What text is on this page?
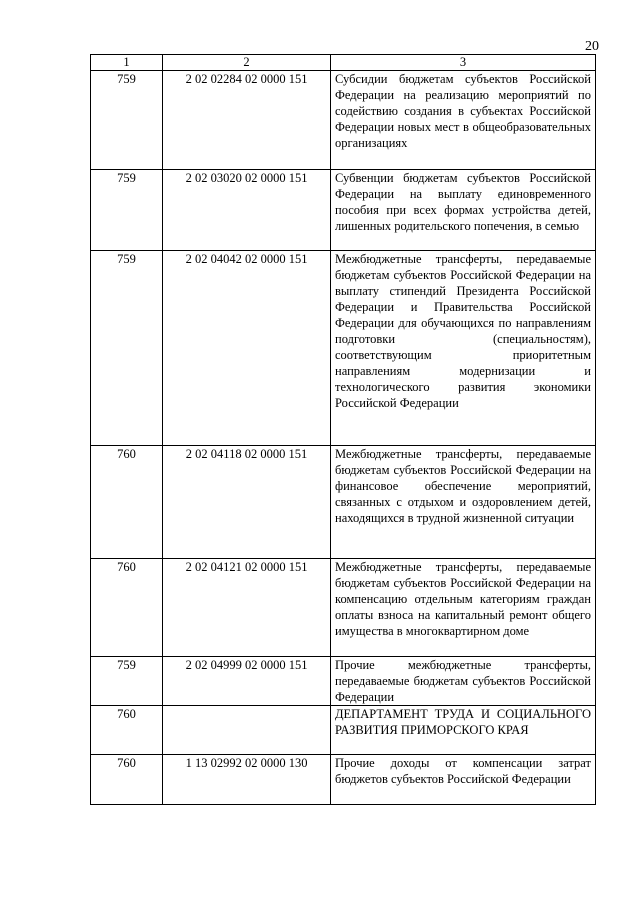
20
1	2	3
759	2 02 02284 02 0000 151	Субсидии бюджетам субъектов Российской Федерации на реализацию мероприятий по содействию создания в субъектах Российской Федерации новых мест в общеобразовательных организациях

759	2 02 03020 02 0000 151	Субвенции бюджетам субъектов Российской Федерации на выплату единовременного пособия при всех формах устройства детей, лишенных родительского попечения, в семью

759	2 02 04042 02 0000 151	Межбюджетные трансферты, передаваемые бюджетам субъектов Российской Федерации на выплату стипендий Президента Российской Федерации и Правительства Российской Федерации для обучающихся по направлениям подготовки (специальностям), соответствующим приоритетным направлениям модернизации и технологического развития экономики Российской Федерации

760	2 02 04118 02 0000 151	Межбюджетные трансферты, передаваемые бюджетам субъектов Российской Федерации на финансовое обеспечение мероприятий, связанных с отдыхом и оздоровлением детей, находящихся в трудной жизненной ситуации

760	2 02 04121 02 0000 151	Межбюджетные трансферты, передаваемые бюджетам субъектов Российской Федерации на компенсацию отдельным категориям граждан оплаты взноса на капитальный ремонт общего имущества в многоквартирном доме

759	2 02 04999 02 0000 151	Прочие межбюджетные трансферты, передаваемые бюджетам субъектов Российской Федерации

760		ДЕПАРТАМЕНТ ТРУДА И СОЦИАЛЬНОГО РАЗВИТИЯ ПРИМОРСКОГО КРАЯ

760	1 13 02992 02 0000 130	Прочие доходы от компенсации затрат бюджетов субъектов Российской Федерации
